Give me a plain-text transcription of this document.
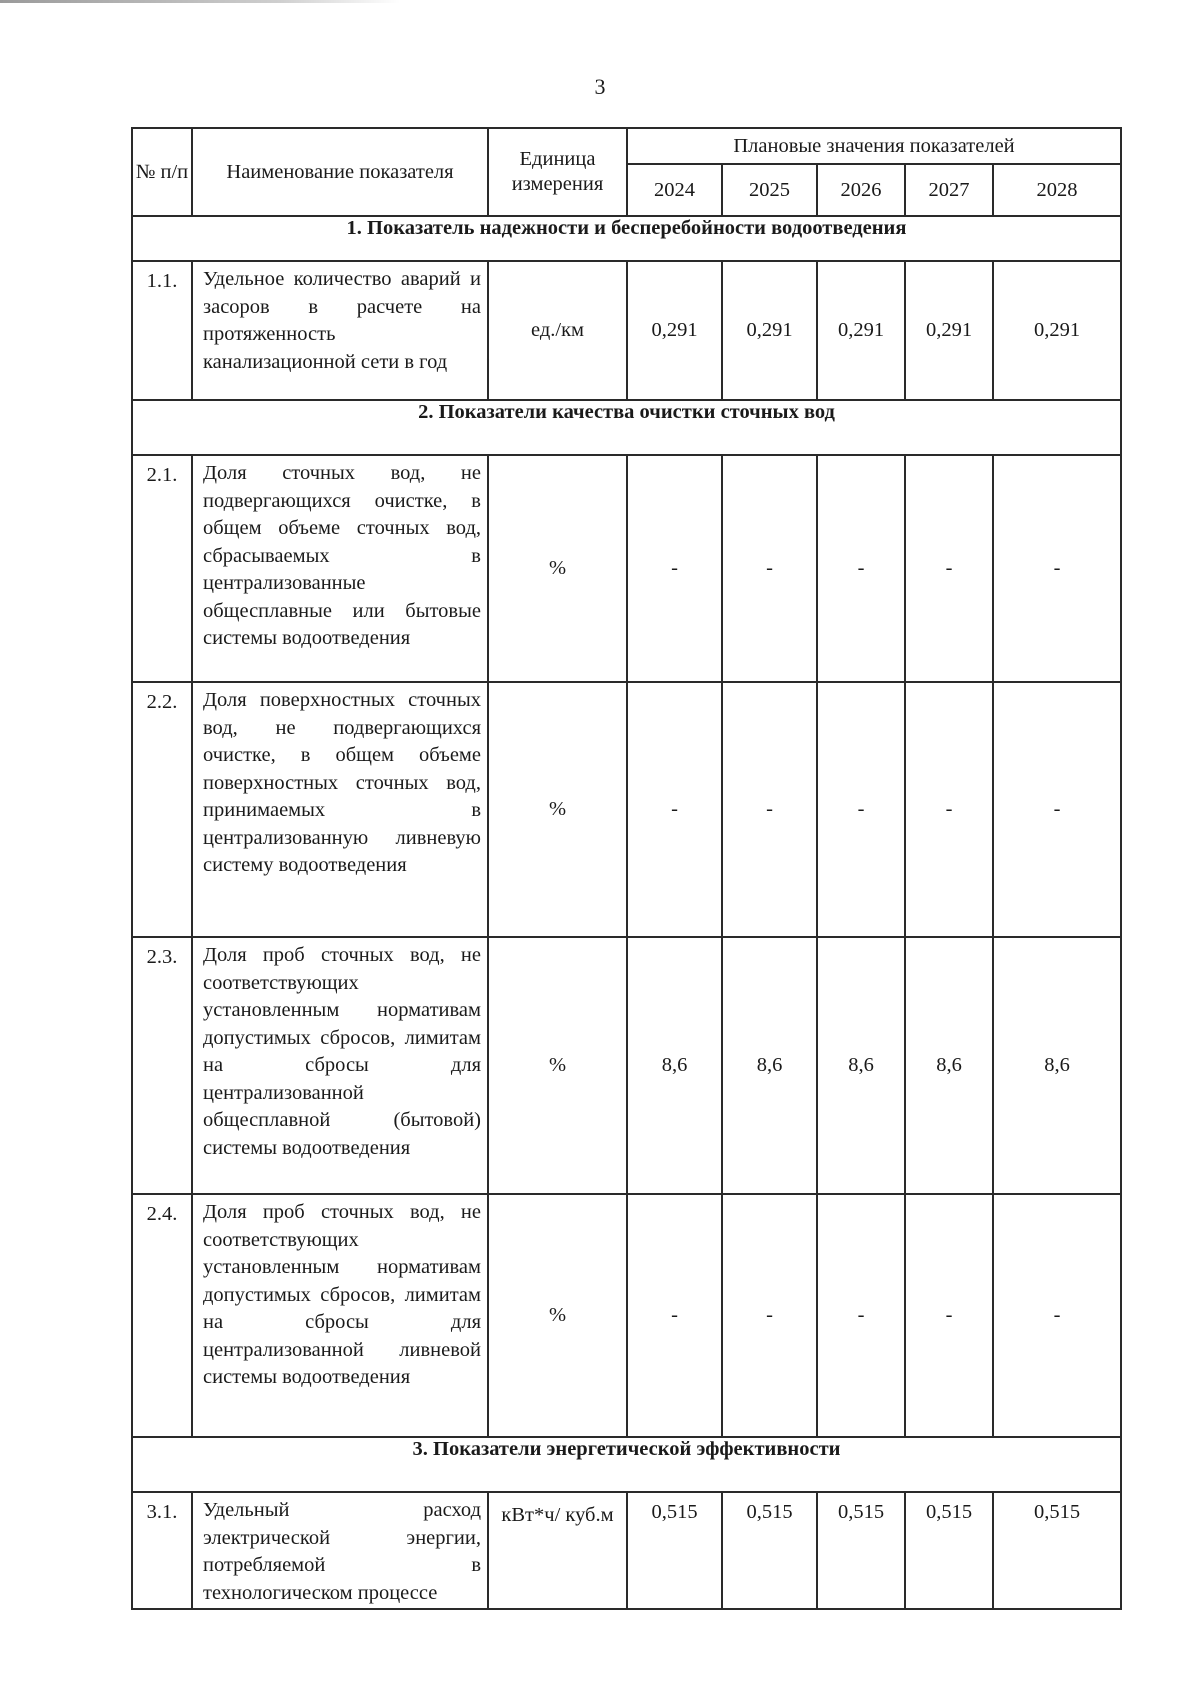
3
№ п/п	Наименование показателя	Единица измерения	Плановые значения показателей				
			2024	2025	2026	2027	2028
1. Показатель надежности и бесперебойности водоотведения							
1.1.	Удельное количество аварий и засоров в расчете на протяженность канализационной сети в год	ед./км	0,291	0,291	0,291	0,291	0,291
2. Показатели качества очистки сточных вод							
2.1.	Доля сточных вод, не подвергающихся очистке, в общем объеме сточных вод, сбрасываемых в централизованные общесплавные или бытовые системы водоотведения	%	-	-	-	-	-
2.2.	Доля поверхностных сточных вод, не подвергающихся очистке, в общем объеме поверхностных сточных вод, принимаемых в централизованную ливневую систему водоотведения	%	-	-	-	-	-
2.3.	Доля проб сточных вод, не соответствующих установленным нормативам допустимых сбросов, лимитам на сбросы для централизованной общесплавной (бытовой) системы водоотведения	%	8,6	8,6	8,6	8,6	8,6
2.4.	Доля проб сточных вод, не соответствующих установленным нормативам допустимых сбросов, лимитам на сбросы для централизованной ливневой системы водоотведения	%	-	-	-	-	-
3. Показатели энергетической эффективности							
3.1.	Удельный расход электрической энергии, потребляемой в технологическом процессе	кВт*ч/ куб.м	0,515	0,515	0,515	0,515	0,515
